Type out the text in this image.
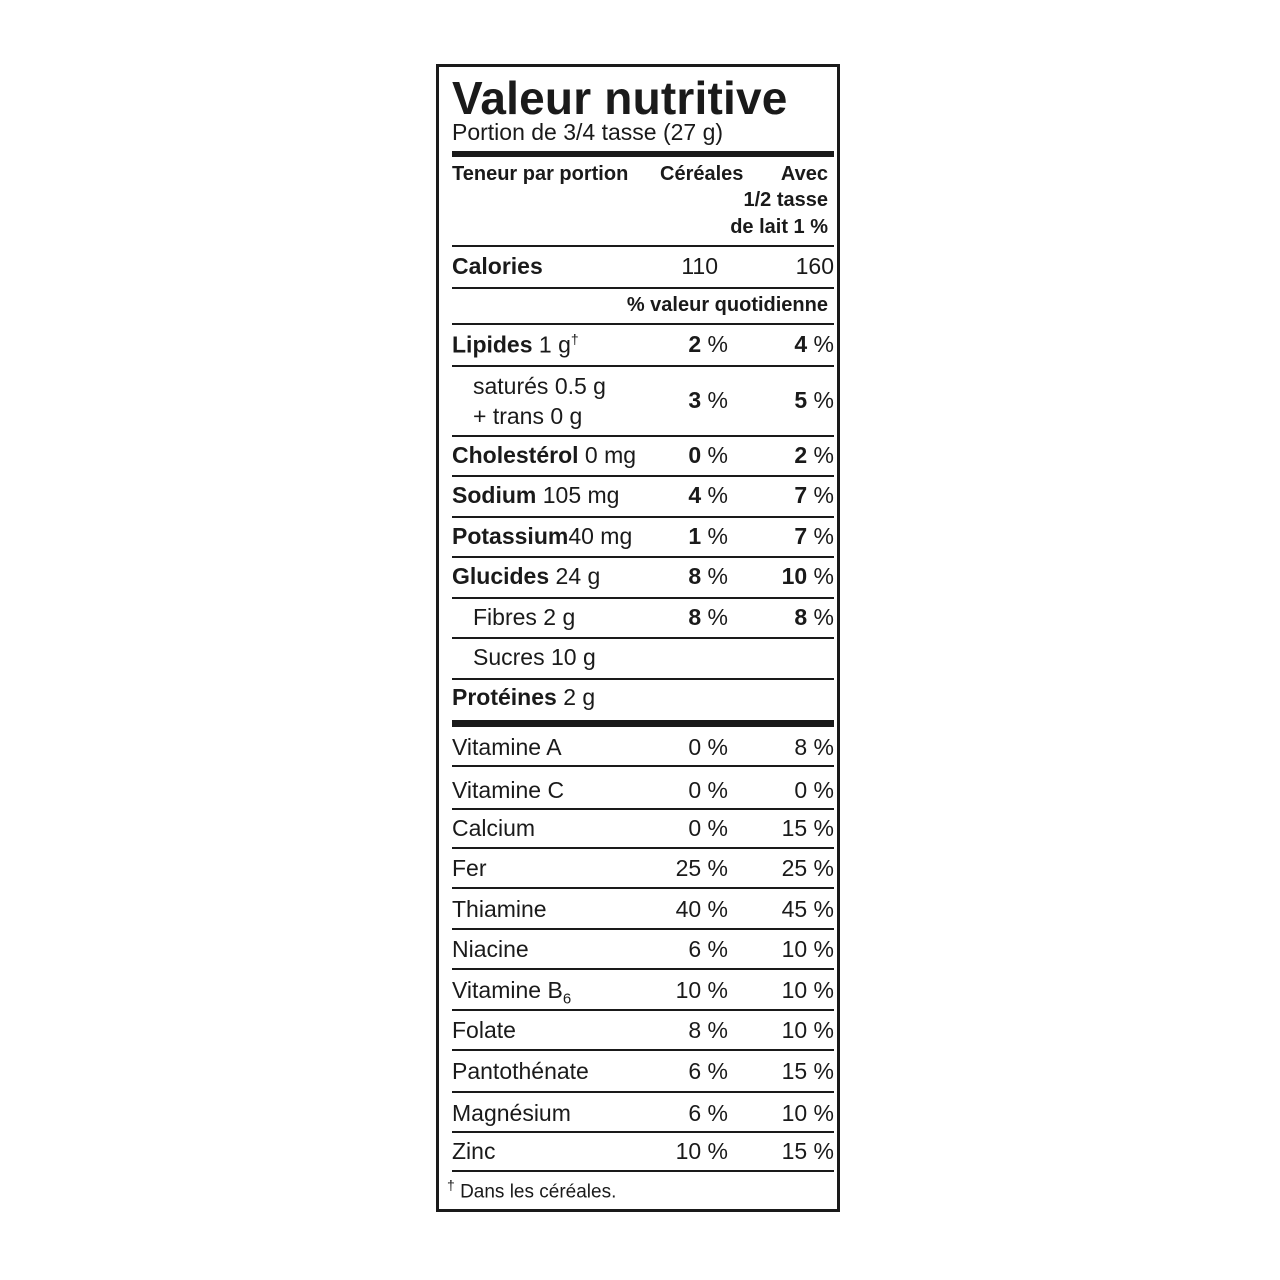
Valeur nutritive
Portion de 3/4 tasse (27 g)
Teneur par portion Céréales Avec
1/2 tasse
de lait 1 %
Calories	110	160
% valeur quotidienne
Lipides 1 g†	2 %	4 %
saturés 0.5 g
+ trans 0 g
3 %	5 %
Cholestérol 0 mg 0 %	2 %
Sodium 105 mg	4 %	7 %
Potassium40 mg 1 %	7 %
Glucides 24 g	8 % 10 %
Fibres 2 g	8 %	8 %
Sucres 10 g
Protéines 2 g
Vitamine A	0 %	8 %
Vitamine C	0 %	0 %
Calcium	0 % 15 %
Fer	25 % 25 %
Thiamine	40 % 45 %
Niacine	6 % 10 %
Vitamine $B_6$	10 % 10 %
Folate	8 % 10 %
Pantothénate	6 % 15 %
Magnésium	6 % 10 %
Zinc	10 % 15 %
† Dans les céréales.
